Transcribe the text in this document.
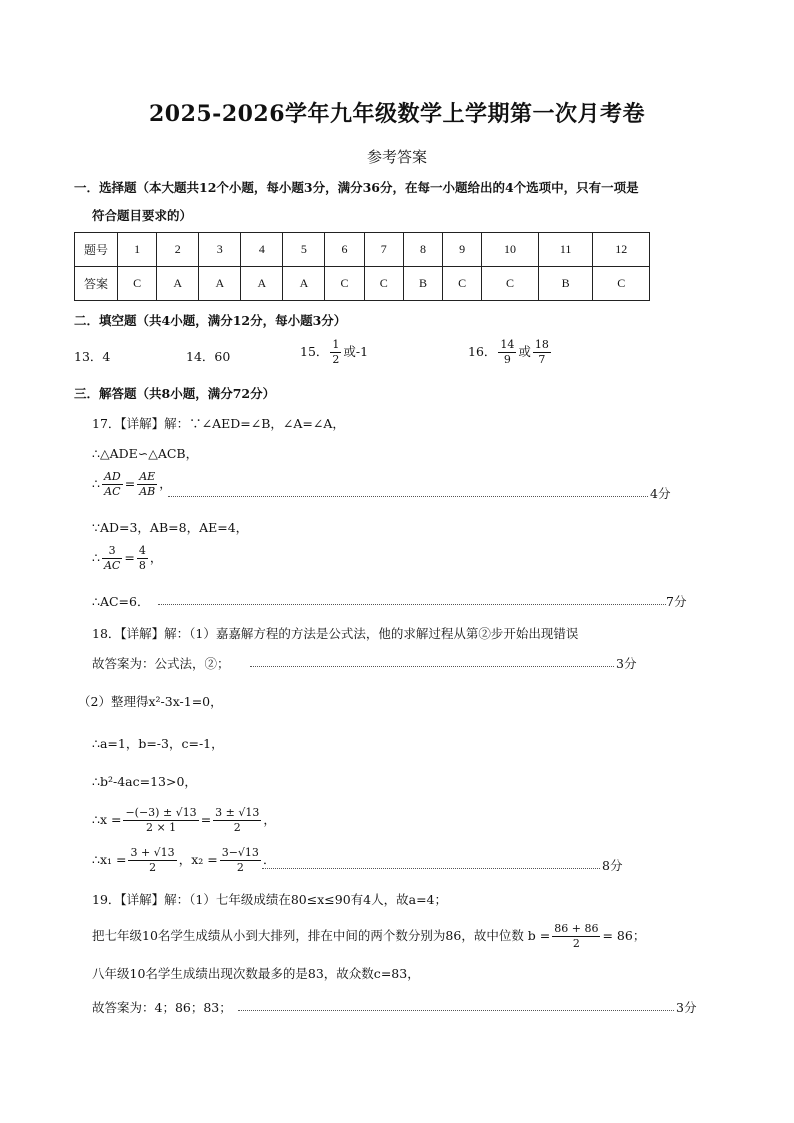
2025-2026学年九年级数学上学期第一次月考卷
参考答案
一．选择题（本大题共12个小题，每小题3分，满分36分，在每一小题给出的4个选项中，只有一项是
符合题目要求的）
题号	1	2	3	4	5	6	7	8	9	10	11	12
答案	C	A	A	A	A	C	C	B	C	C	B	C
二．填空题（共4小题，满分12分，每小题3分）
13．4	14．60	15． $\frac{1}{2}$ 或-1	16． $\frac{14}{9}$ 或 $\frac{18}{7}$
三．解答题（共8小题，满分72分）
17．【详解】解：∵∠AED=∠B，∠A=∠A，
∴△ADE∽△ACB，
∴ $\frac{AD}{AC} = \frac{AE}{AB}$ ，
4分
∵AD=3，AB=8，AE=4，
∴ $\frac{3}{AC} = \frac{4}{8}$ ，
∴AC=6．	7分
18．【详解】解：（1）嘉嘉解方程的方法是公式法，他的求解过程从第②步开始出现错误
故答案为：公式法，②；	3分
（2）整理得x²-3x-1=0，
∴a=1，b=-3，c=-1，
∴b²-4ac=13>0，
∴x = $\frac{-(-3) \pm √13}{2 \times 1} = \frac{3 \pm √13}{2}$ ，
∴x₁ = $\frac{3 + √13}{2}$ ，$x_2 = \frac{3-√13}{2}$ ．	8分
19．【详解】解：（1）七年级成绩在80≤x≤90有4人，故a=4；
把七年级10名学生成绩从小到大排列，排在中间的两个数分别为86，故中位数 $b = \frac{86 + 86}{2} = 86$；
八年级10名学生成绩出现次数最多的是83，故众数c=83，
故答案为：4；86；83；	3分
